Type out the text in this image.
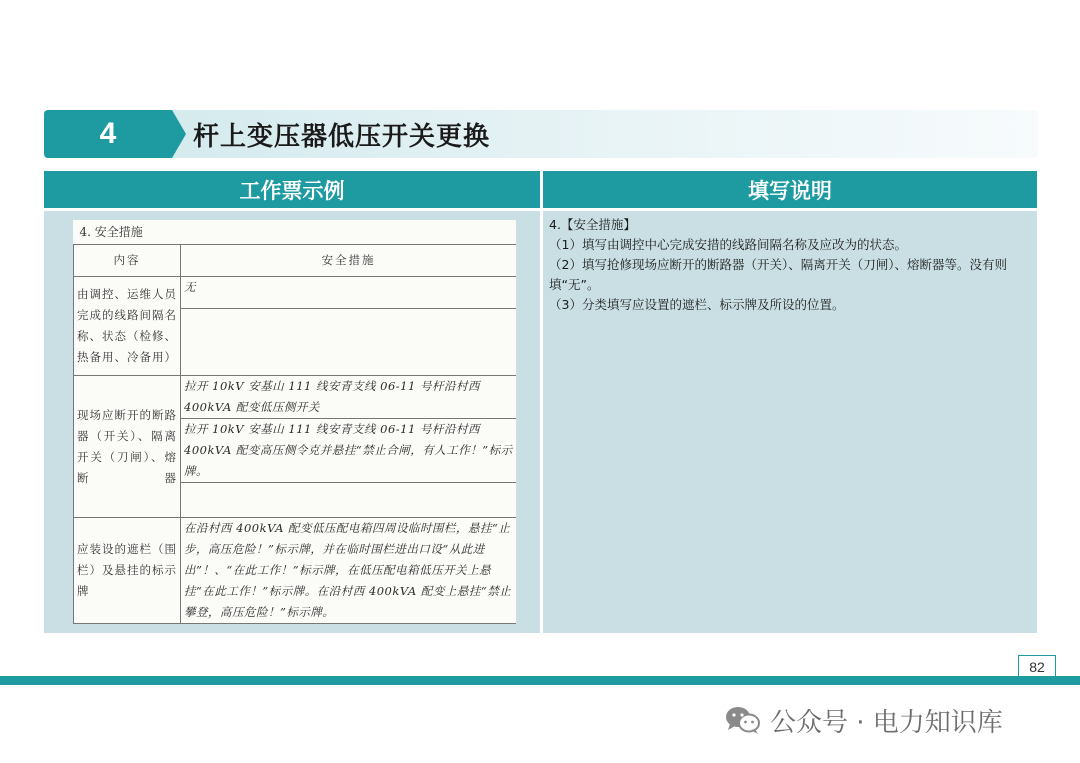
4	杆上变压器低压开关更换
工作票示例	填写说明
4. 安全措施	
内容	安全措施
由调控、运维人员完成的线路间隔名称、状态（检修、热备用、冷备用）	无

现场应断开的断路器（开关）、隔离开关（刀闸）、熔断器	拉开 10kV 安基山 111 线安青支线 06-11 号杆沿村西 400kVA 配变低压侧开关
	拉开 10kV 安基山 111 线安青支线 06-11 号杆沿村西 400kVA 配变高压侧令克并悬挂“禁止合闸，有人工作！”标示牌。

应装设的遮栏（围栏）及悬挂的标示牌	在沿村西 400kVA 配变低压配电箱四周设临时围栏，悬挂“止步，高压危险！”标示牌，并在临时围栏进出口设“从此进出”！、“在此工作！”标示牌，在低压配电箱低压开关上悬挂“在此工作！”标示牌。在沿村西 400kVA 配变上悬挂“禁止攀登，高压危险！”标示牌。
4.【安全措施】
（1）填写由调控中心完成安措的线路间隔名称及应改为的状态。
（2）填写抢修现场应断开的断路器（开关）、隔离开关（刀闸）、熔断器等。没有则填“无”。
（3）分类填写应设置的遮栏、标示牌及所设的位置。
82
公众号 · 电力知识库
